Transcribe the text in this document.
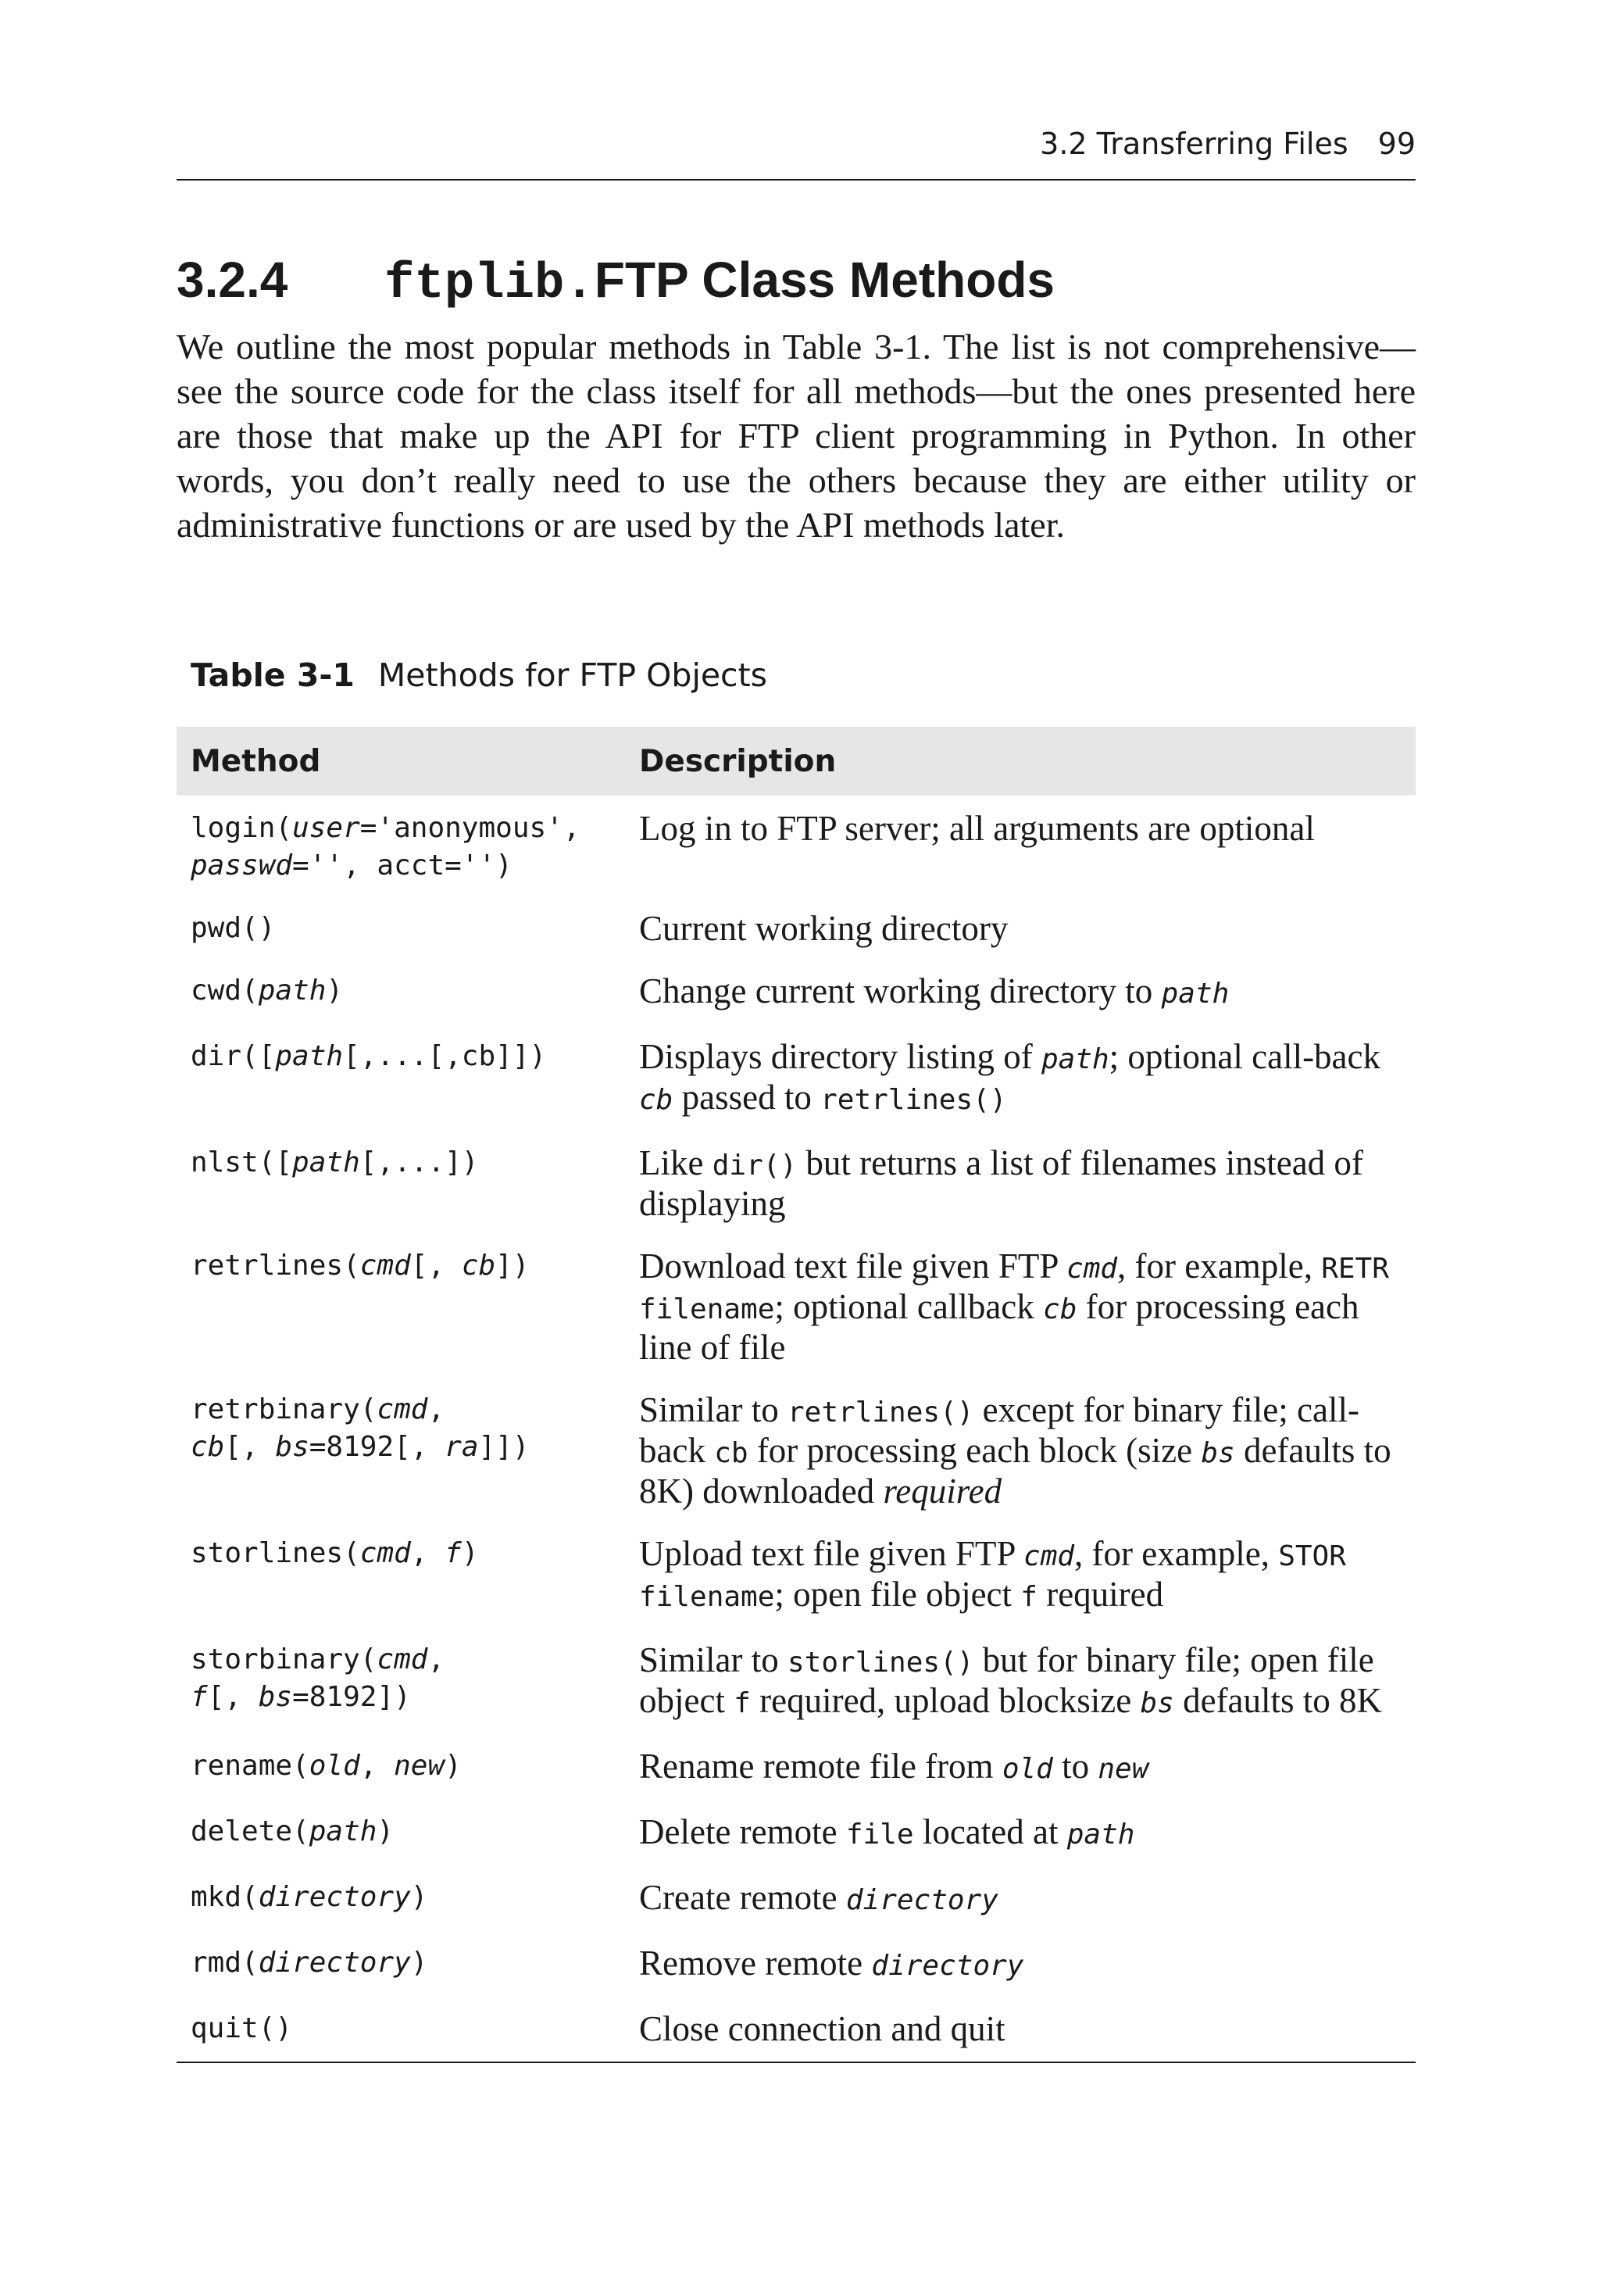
3.2 Transferring Files 99
3.2.4 ftplib.FTP Class Methods

We outline the most popular methods in Table 3-1. The list is not comprehensive—see the source code for the class itself for all methods—but the ones presented here are those that make up the API for FTP client programming in Python. In other words, you don’t really need to use the others because they are either utility or administrative functions or are used by the API methods later.

Table 3-1 Methods for FTP Objects
Method	Description
login(user='anonymous',
passwd='', acct='')	Log in to FTP server; all arguments are optional
pwd()	Current working directory
cwd(path)	Change current working directory to path
dir([path[,...[,cb]])	Displays directory listing of path; optional call-back cb passed to retrlines()
nlst([path[,...])	Like dir() but returns a list of filenames instead of displaying
retrlines(cmd[, cb])	Download text file given FTP cmd, for example, RETR filename; optional callback cb for processing each line of file
retrbinary(cmd,
cb[, bs=8192[, ra]])	Similar to retrlines() except for binary file; call-back cb for processing each block (size bs defaults to 8K) downloaded required
storlines(cmd, f)	Upload text file given FTP cmd, for example, STOR filename; open file object f required
storbinary(cmd,
f[, bs=8192])	Similar to storlines() but for binary file; open file object f required, upload blocksize bs defaults to 8K
rename(old, new)	Rename remote file from old to new
delete(path)	Delete remote file located at path
mkd(directory)	Create remote directory
rmd(directory)	Remove remote directory
quit()	Close connection and quit
